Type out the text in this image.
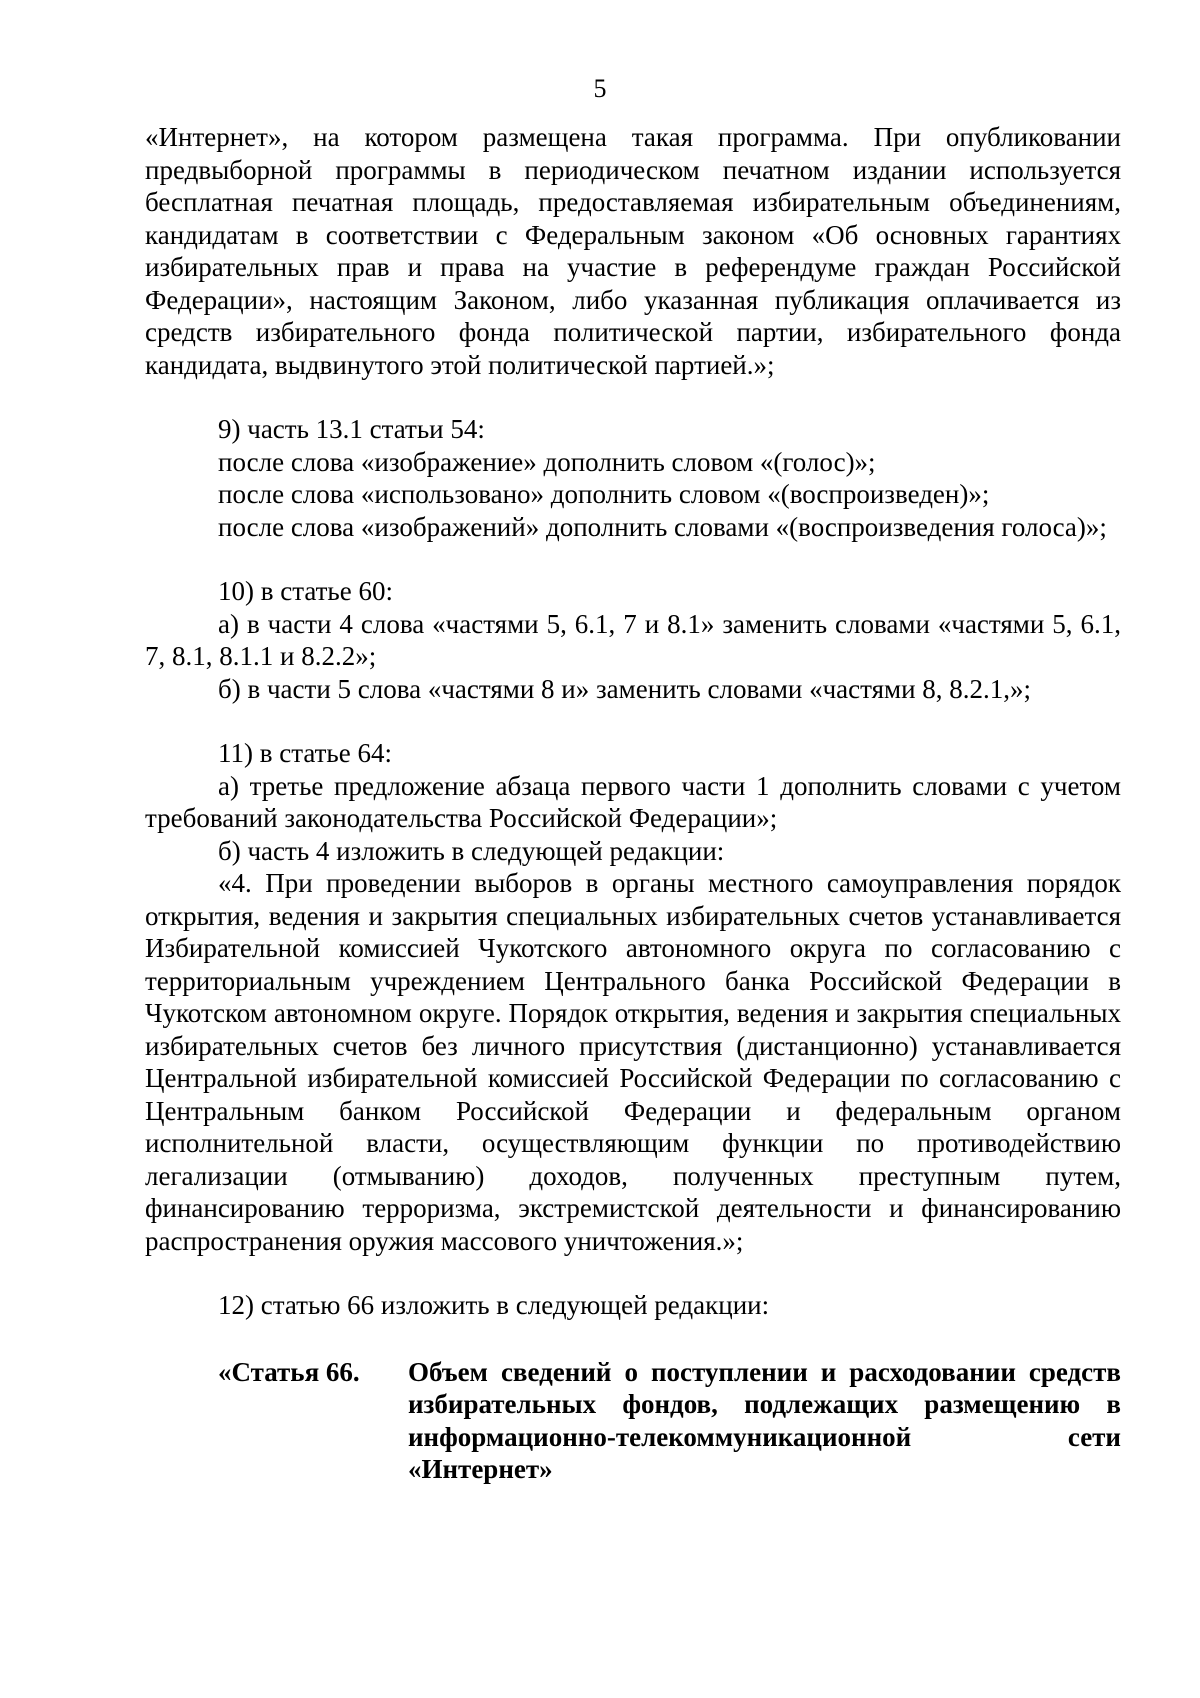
5

«Интернет», на котором размещена такая программа. При опубликовании предвыборной программы в периодическом печатном издании используется бесплатная печатная площадь, предоставляемая избирательным объединениям, кандидатам в соответствии с Федеральным законом «Об основных гарантиях избирательных прав и права на участие в референдуме граждан Российской Федерации», настоящим Законом, либо указанная публикация оплачивается из средств избирательного фонда политической партии, избирательного фонда кандидата, выдвинутого этой политической партией.»;

9) часть 13.1 статьи 54:

после слова «изображение» дополнить словом «(голос)»;

после слова «использовано» дополнить словом «(воспроизведен)»;

после слова «изображений» дополнить словами «(воспроизведения голоса)»;

10) в статье 60:

а) в части 4 слова «частями 5, 6.1, 7 и 8.1» заменить словами «частями 5, 6.1, 7, 8.1, 8.1.1 и 8.2.2»;

б) в части 5 слова «частями 8 и» заменить словами «частями 8, 8.2.1,»;

11) в статье 64:

а) третье предложение абзаца первого части 1 дополнить словами с учетом требований законодательства Российской Федерации»;

б) часть 4 изложить в следующей редакции:

«4. При проведении выборов в органы местного самоуправления порядок открытия, ведения и закрытия специальных избирательных счетов устанавливается Избирательной комиссией Чукотского автономного округа по согласованию с территориальным учреждением Центрального банка Российской Федерации в Чукотском автономном округе. Порядок открытия, ведения и закрытия специальных избирательных счетов без личного присутствия (дистанционно) устанавливается Центральной избирательной комиссией Российской Федерации по согласованию с Центральным банком Российской Федерации и федеральным органом исполнительной власти, осуществляющим функции по противодействию легализации (отмыванию) доходов, полученных преступным путем, финансированию терроризма, экстремистской деятельности и финансированию распространения оружия массового уничтожения.»;

12) статью 66 изложить в следующей редакции:

«Статья 66.	Объем сведений о поступлении и расходовании средств избирательных фондов, подлежащих размещению в информационно-телекоммуникационной сети «Интернет»
